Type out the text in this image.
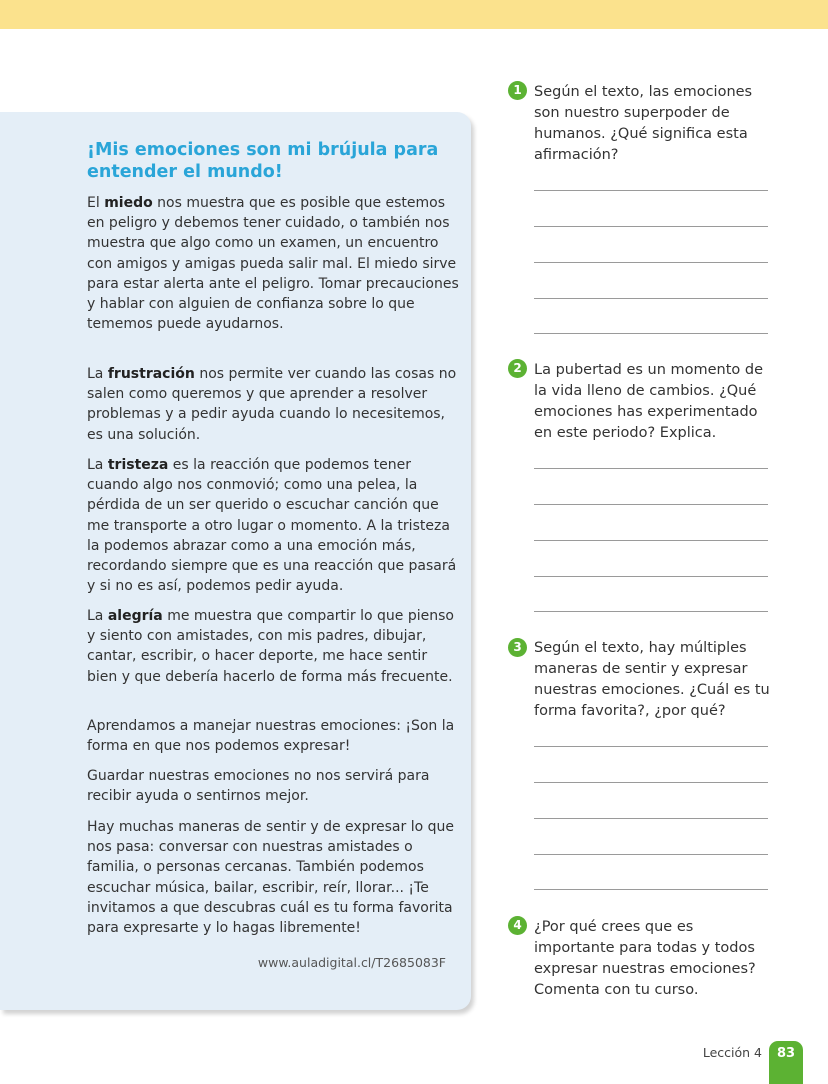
¡Mis emociones son mi brújula para entender el mundo!

El miedo nos muestra que es posible que estemos en peligro y debemos tener cuidado, o también nos muestra que algo como un examen, un encuentro con amigos y amigas pueda salir mal. El miedo sirve para estar alerta ante el peligro. Tomar precauciones y hablar con alguien de confianza sobre lo que tememos puede ayudarnos.

La frustración nos permite ver cuando las cosas no salen como queremos y que aprender a resolver problemas y a pedir ayuda cuando lo necesitemos, es una solución.

La tristeza es la reacción que podemos tener cuando algo nos conmovió; como una pelea, la pérdida de un ser querido o escuchar canción que me transporte a otro lugar o momento. A la tristeza la podemos abrazar como a una emoción más, recordando siempre que es una reacción que pasará y si no es así, podemos pedir ayuda.

La alegría me muestra que compartir lo que pienso y siento con amistades, con mis padres, dibujar, cantar, escribir, o hacer deporte, me hace sentir bien y que debería hacerlo de forma más frecuente.

Aprendamos a manejar nuestras emociones: ¡Son la forma en que nos podemos expresar!

Guardar nuestras emociones no nos servirá para recibir ayuda o sentirnos mejor.

Hay muchas maneras de sentir y de expresar lo que nos pasa: conversar con nuestras amistades o familia, o personas cercanas. También podemos escuchar música, bailar, escribir, reír, llorar... ¡Te invitamos a que descubras cuál es tu forma favorita para expresarte y lo hagas libremente!

www.auladigital.cl/T2685083F
1 Según el texto, las emociones son nuestro superpoder de humanos. ¿Qué significa esta afirmación?

2 La pubertad es un momento de la vida lleno de cambios. ¿Qué emociones has experimentado en este periodo? Explica.

3 Según el texto, hay múltiples maneras de sentir y expresar nuestras emociones. ¿Cuál es tu forma favorita?, ¿por qué?

4 ¿Por qué crees que es importante para todas y todos expresar nuestras emociones? Comenta con tu curso.

Lección 4	83
